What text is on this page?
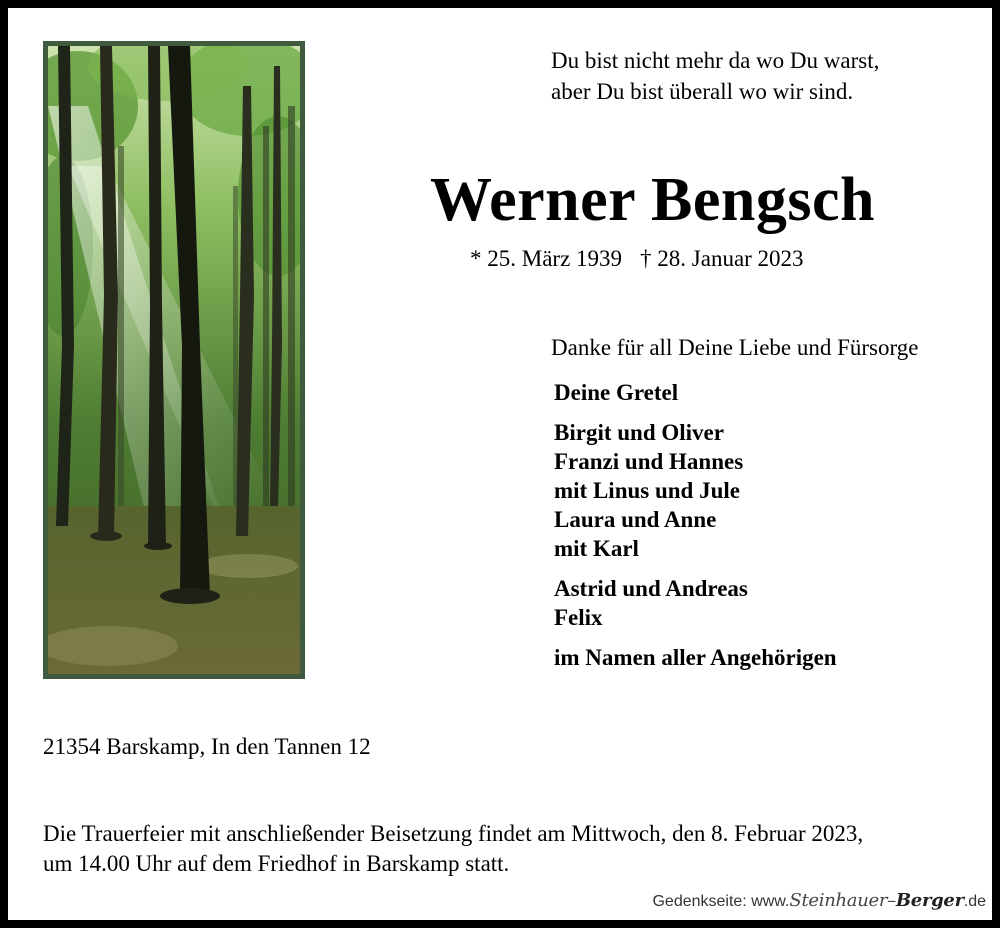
Du bist nicht mehr da wo Du warst,
aber Du bist überall wo wir sind.
Werner Bengsch
* 25. März 1939 † 28. Januar 2023
Danke für all Deine Liebe und Fürsorge
Deine Gretel
Birgit und Oliver
Franzi und Hannes
mit Linus und Jule
Laura und Anne
mit Karl
Astrid und Andreas
Felix
im Namen aller Angehörigen
21354 Barskamp, In den Tannen 12
Die Trauerfeier mit anschließender Beisetzung findet am Mittwoch, den 8. Februar 2023,
um 14.00 Uhr auf dem Friedhof in Barskamp statt.
Gedenkseite: www.Steinhauer–Berger.de
